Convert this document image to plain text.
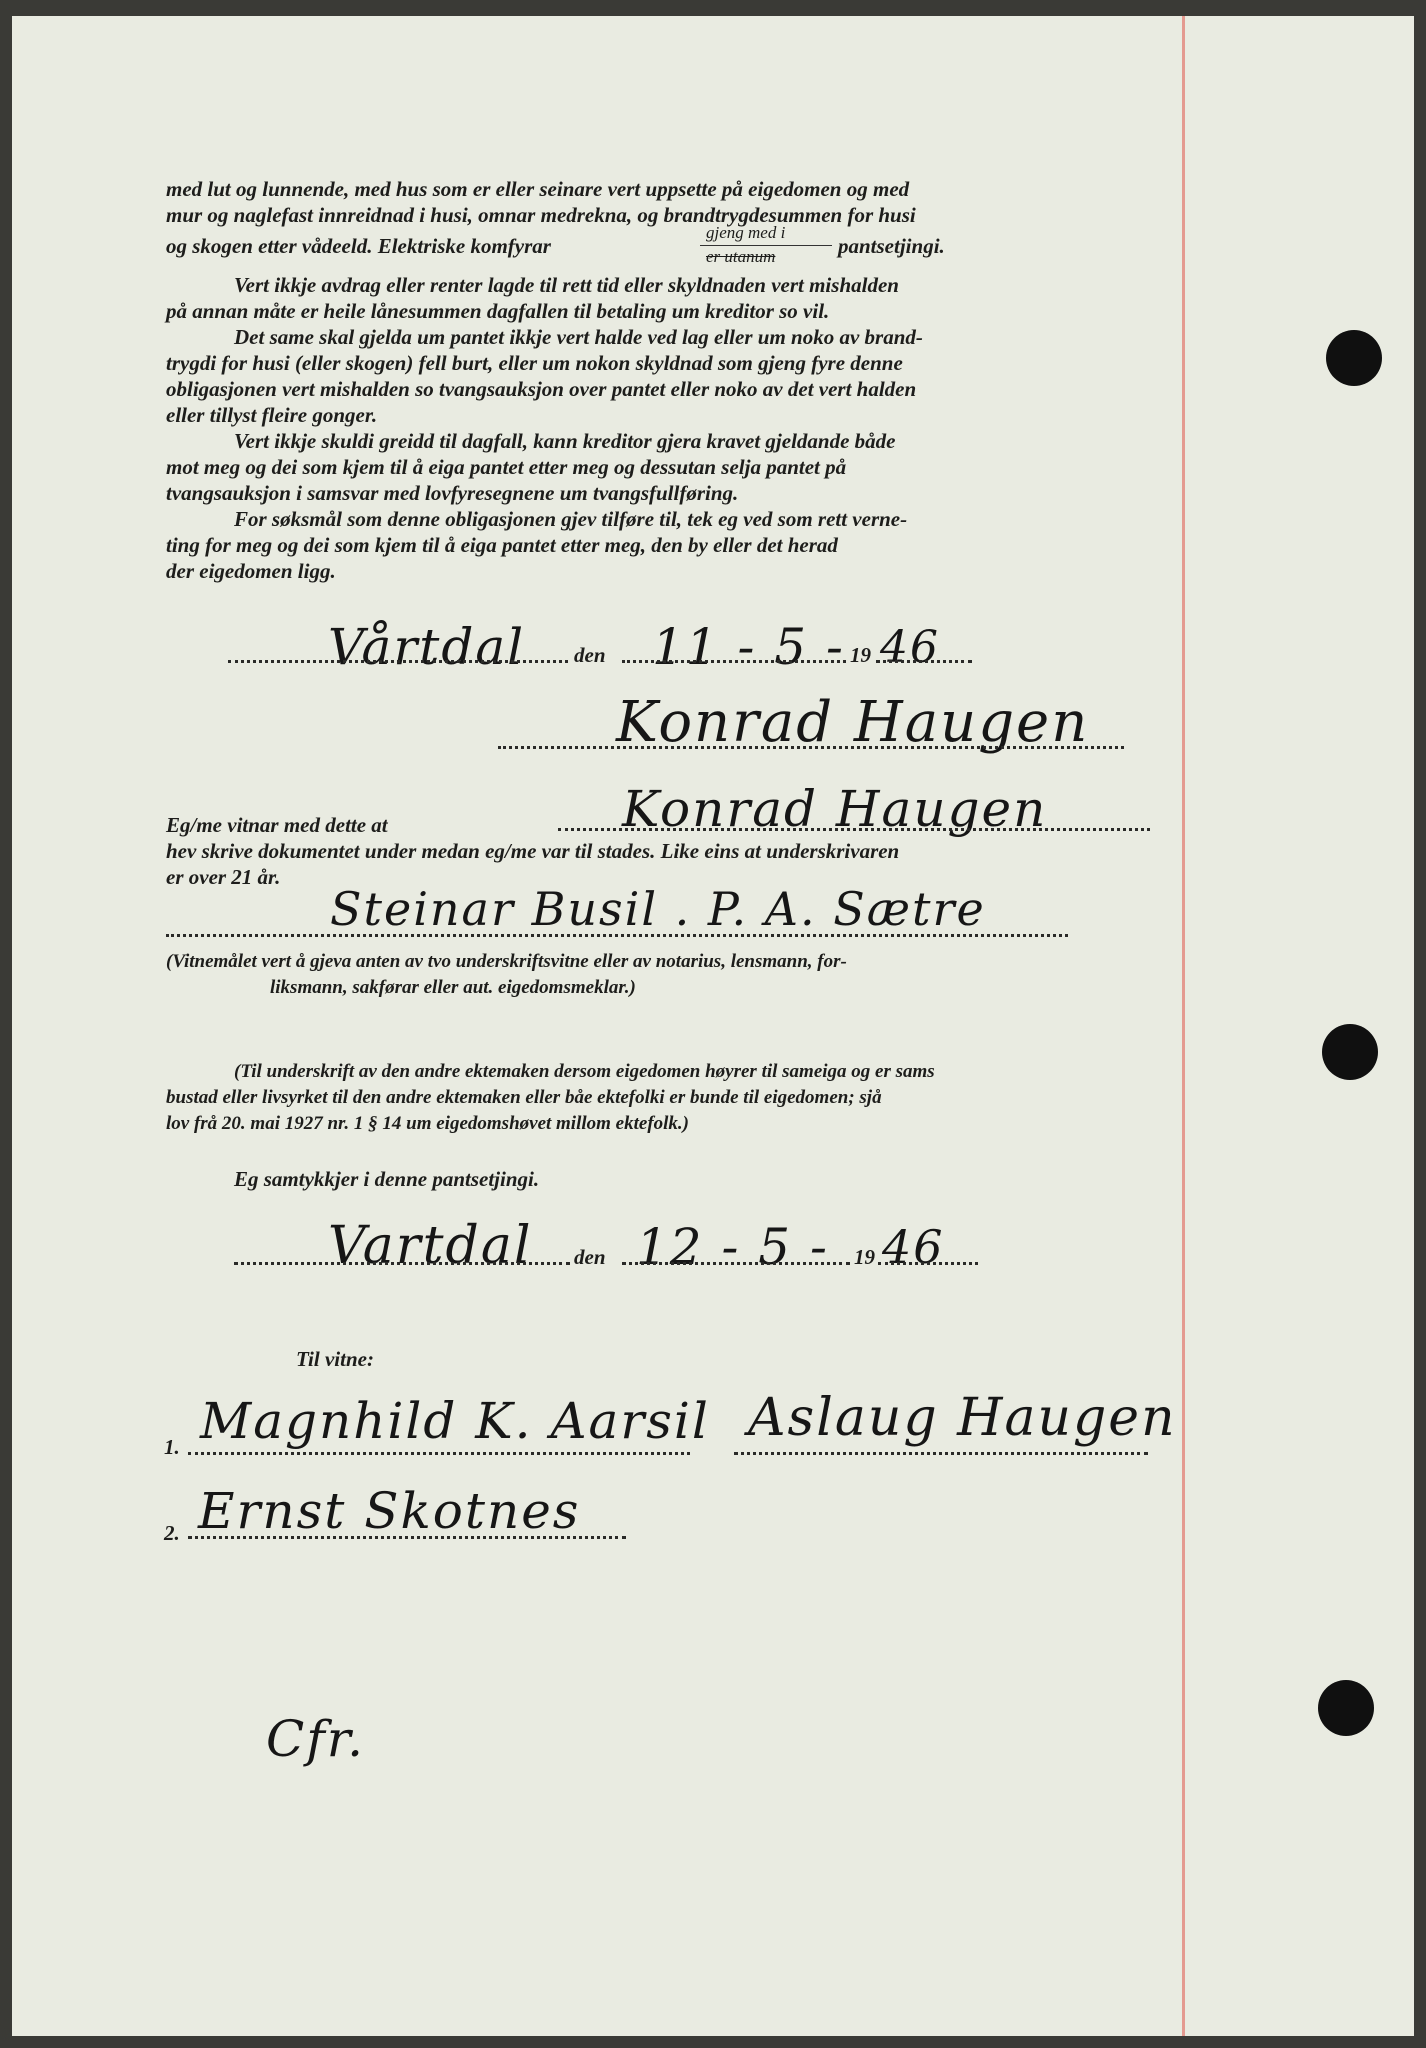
med lut og lunnende, med hus som er eller seinare vert uppsette på eigedomen og med
mur og naglefast innreidnad i husi, omnar medrekna, og brandtrygdesummen for husi
og skogen etter vådeeld. Elektriske komfyrar
gjeng med i
er utanum	pantsetjingi.
Vert ikkje avdrag eller renter lagde til rett tid eller skyldnaden vert mishalden
på annan måte er heile lånesummen dagfallen til betaling um kreditor so vil.
Det same skal gjelda um pantet ikkje vert halde ved lag eller um noko av brand-
trygdi for husi (eller skogen) fell burt, eller um nokon skyldnad som gjeng fyre denne
obligasjonen vert mishalden so tvangsauksjon over pantet eller noko av det vert halden
eller tillyst fleire gonger.
Vert ikkje skuldi greidd til dagfall, kann kreditor gjera kravet gjeldande både
mot meg og dei som kjem til å eiga pantet etter meg og dessutan selja pantet på
tvangsauksjon i samsvar med lovfyresegnene um tvangsfullføring.
For søksmål som denne obligasjonen gjev tilføre til, tek eg ved som rett verne-
ting for meg og dei som kjem til å eiga pantet etter meg, den by eller det herad
der eigedomen ligg.
Vårtdal den 11 - 5 - 19 46
Konrad Haugen
Eg/me vitnar med dette at	Konrad Haugen
hev skrive dokumentet under medan eg/me var til stades. Like eins at underskrivaren
er over 21 år.
Steinar Busil . P. A. Sætre
(Vitnemålet vert å gjeva anten av tvo underskriftsvitne eller av notarius, lensmann, for-
liksmann, sakførar eller aut. eigedomsmeklar.)
(Til underskrift av den andre ektemaken dersom eigedomen høyrer til sameiga og er sams
bustad eller livsyrket til den andre ektemaken eller båe ektefolki er bunde til eigedomen; sjå
lov frå 20. mai 1927 nr. 1 § 14 um eigedomshøvet millom ektefolk.)
Eg samtykkjer i denne pantsetjingi.
Vartdal den 12 - 5 - 19 46
Til vitne:
1. Magnhild K. Aarsil Aslaug Haugen
2. Ernst Skotnes
Cfr.
